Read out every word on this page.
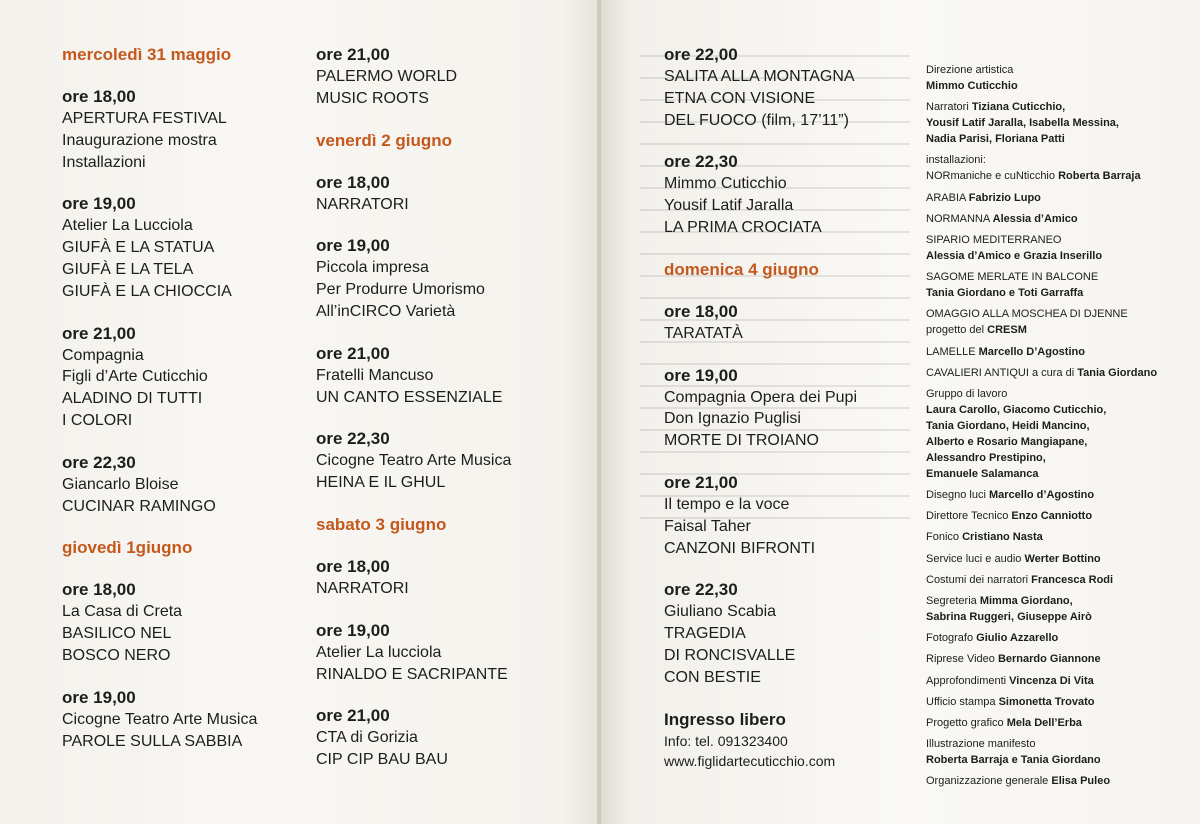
mercoledì 31 maggio
ore 18,00
APERTURA FESTIVAL
Inaugurazione mostra
Installazioni
ore 19,00
Atelier La Lucciola
GIUFÀ E LA STATUA
GIUFÀ E LA TELA
GIUFÀ E LA CHIOCCIA
ore 21,00
Compagnia
Figli d’Arte Cuticchio
ALADINO DI TUTTI
I COLORI
ore 22,30
Giancarlo Bloise
CUCINAR RAMINGO
giovedì 1giugno
ore 18,00
La Casa di Creta
BASILICO NEL
BOSCO NERO
ore 19,00
Cicogne Teatro Arte Musica
PAROLE SULLA SABBIA
ore 21,00
PALERMO WORLD
MUSIC ROOTS
venerdì 2 giugno
ore 18,00
NARRATORI
ore 19,00
Piccola impresa
Per Produrre Umorismo
All’inCIRCO Varietà
ore 21,00
Fratelli Mancuso
UN CANTO ESSENZIALE
ore 22,30
Cicogne Teatro Arte Musica
HEINA E IL GHUL
sabato 3 giugno
ore 18,00
NARRATORI
ore 19,00
Atelier La lucciola
RINALDO E SACRIPANTE
ore 21,00
CTA di Gorizia
CIP CIP BAU BAU
ore 22,00
SALITA ALLA MONTAGNA
ETNA CON VISIONE
DEL FUOCO (film, 17’11”)
ore 22,30
Mimmo Cuticchio
Yousif Latif Jaralla
LA PRIMA CROCIATA
domenica 4 giugno
ore 18,00
TARATATÀ
ore 19,00
Compagnia Opera dei Pupi
Don Ignazio Puglisi
MORTE DI TROIANO
ore 21,00
Il tempo e la voce
Faisal Taher
CANZONI BIFRONTI
ore 22,30
Giuliano Scabia
TRAGEDIA
DI RONCISVALLE
CON BESTIE
Ingresso libero
Info: tel. 091323400
www.figlidartecuticchio.com
Direzione artistica
Mimmo Cuticchio
Narratori Tiziana Cuticchio,
Yousif Latif Jaralla, Isabella Messina,
Nadia Parisi, Floriana Patti
installazioni:
NORmaniche e cuNticchio Roberta Barraja
ARABIA Fabrizio Lupo
NORMANNA Alessia d’Amico
SIPARIO MEDITERRANEO
Alessia d’Amico e Grazia Inserillo
SAGOME MERLATE IN BALCONE
Tania Giordano e Toti Garraffa
OMAGGIO ALLA MOSCHEA DI DJENNE
progetto del CRESM
LAMELLE Marcello D’Agostino
CAVALIERI ANTIQUI a cura di Tania Giordano
Gruppo di lavoro
Laura Carollo, Giacomo Cuticchio,
Tania Giordano, Heidi Mancino,
Alberto e Rosario Mangiapane,
Alessandro Prestipino,
Emanuele Salamanca
Disegno luci Marcello d’Agostino
Direttore Tecnico Enzo Canniotto
Fonico Cristiano Nasta
Service luci e audio Werter Bottino
Costumi dei narratori Francesca Rodi
Segreteria Mimma Giordano,
Sabrina Ruggeri, Giuseppe Airò
Fotografo Giulio Azzarello
Riprese Video Bernardo Giannone
Approfondimenti Vincenza Di Vita
Ufficio stampa Simonetta Trovato
Progetto grafico Mela Dell’Erba
Illustrazione manifesto
Roberta Barraja e Tania Giordano
Organizzazione generale Elisa Puleo
